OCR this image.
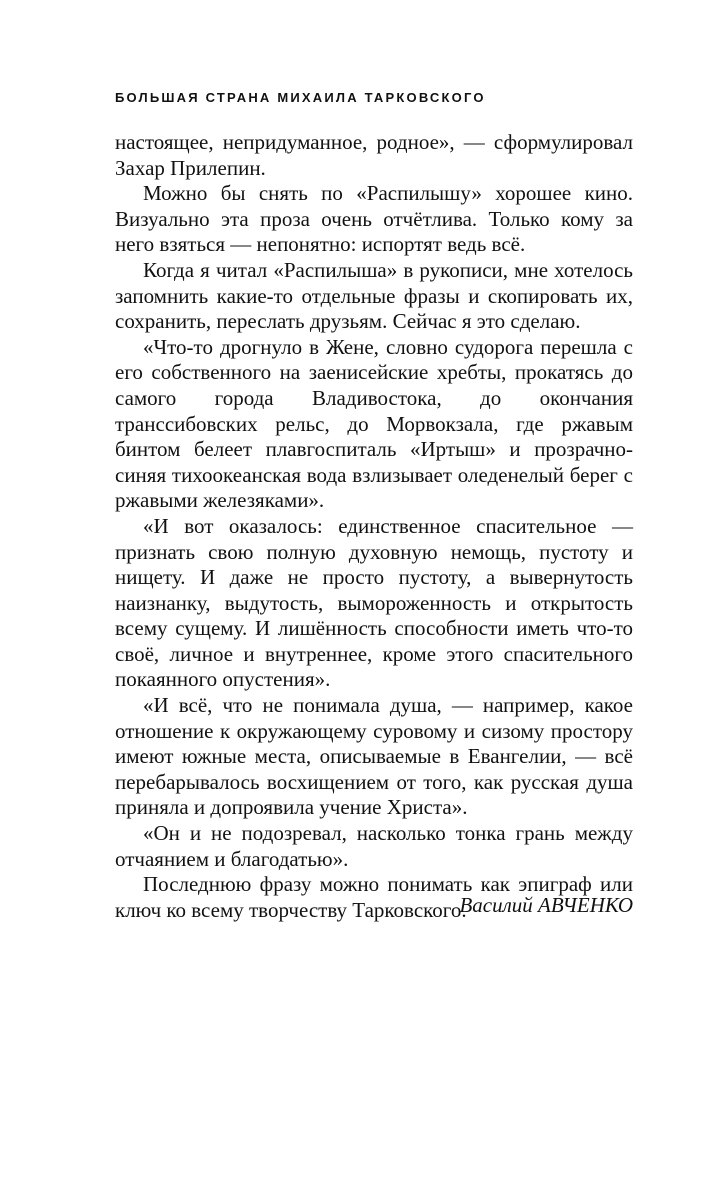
БОЛЬШАЯ СТРАНА МИХАИЛА ТАРКОВСКОГО

настоящее, непридуманное, родное», — сформулировал Захар Прилепин.

Можно бы снять по «Распилышу» хорошее кино. Визуально эта проза очень отчётлива. Только кому за него взяться — непонятно: испортят ведь всё.

Когда я читал «Распилыша» в рукописи, мне хотелось запомнить какие-то отдельные фразы и скопировать их, сохранить, переслать друзьям. Сейчас я это сделаю.

«Что-то дрогнуло в Жене, словно судорога перешла с его собственного на заенисейские хребты, прокатясь до самого города Владивостока, до окончания транссибовских рельс, до Морвокзала, где ржавым бинтом белеет плавгоспиталь «Иртыш» и прозрачно-синяя тихоокеанская вода взлизывает оледенелый берег с ржавыми железяками».

«И вот оказалось: единственное спасительное — признать свою полную духовную немощь, пустоту и нищету. И даже не просто пустоту, а вывернутость наизнанку, выдутость, вымороженность и открытость всему сущему. И лишённость способности иметь что-то своё, личное и внутреннее, кроме этого спасительного покаянного опустения».

«И всё, что не понимала душа, — например, какое отношение к окружающему суровому и сизому простору имеют южные места, описываемые в Евангелии, — всё перебарывалось восхищением от того, как русская душа приняла и допроявила учение Христа».

«Он и не подозревал, насколько тонка грань между отчаянием и благодатью».

Последнюю фразу можно понимать как эпиграф или ключ ко всему творчеству Тарковского.

Василий АВЧЕНКО
